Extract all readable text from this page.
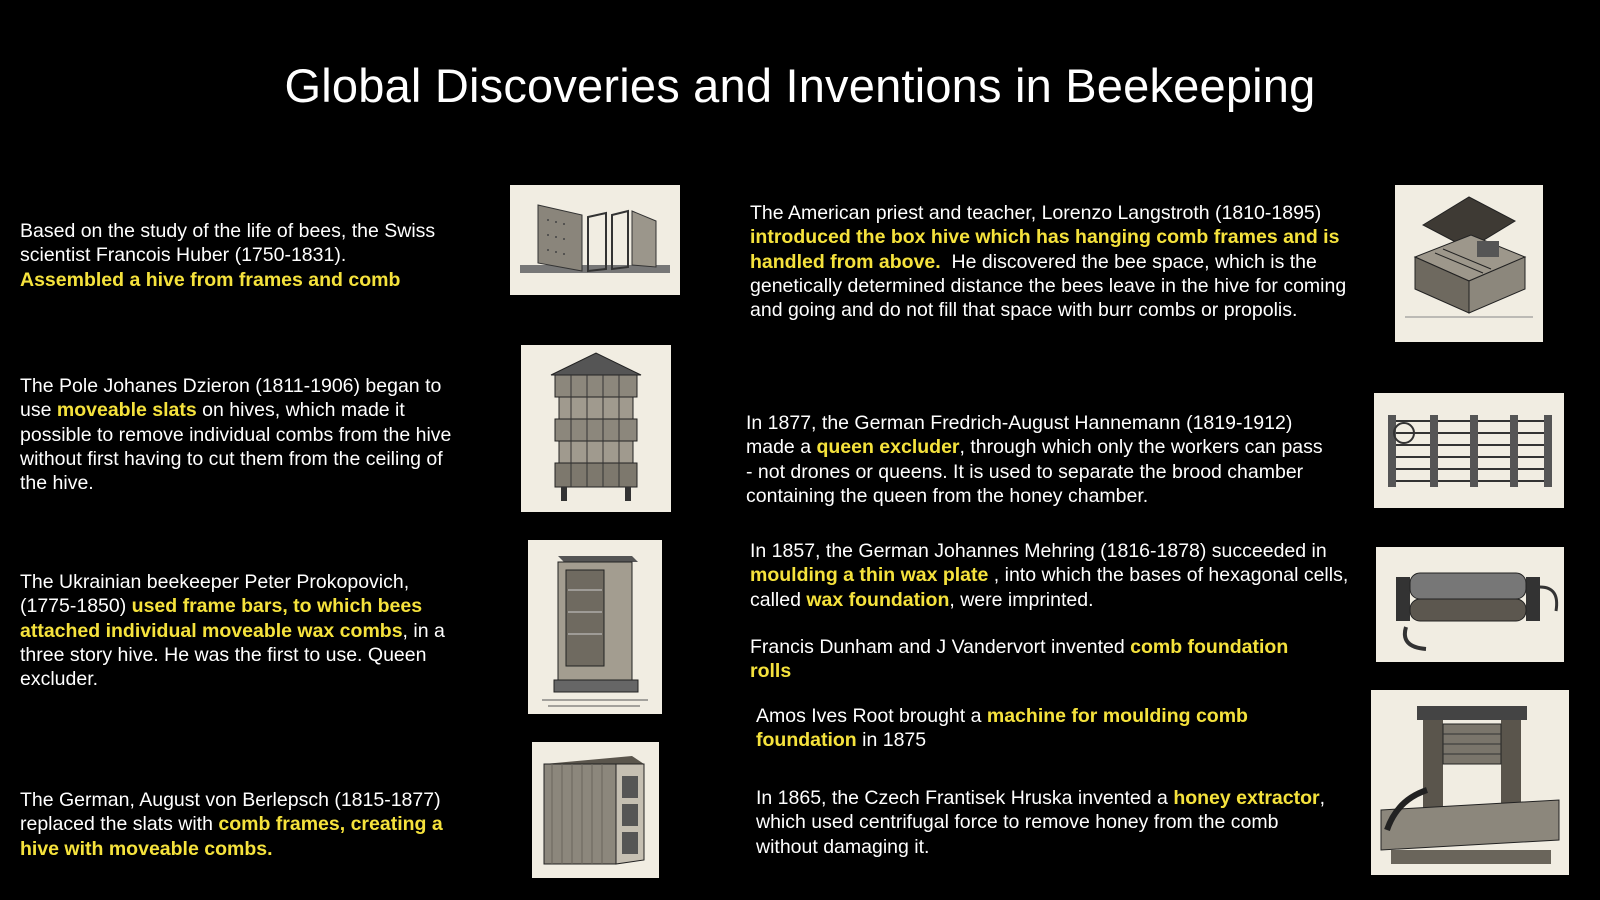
Global Discoveries and Inventions in Beekeeping
Based on the study of the life of bees, the Swiss scientist Francois Huber (1750-1831).
Assembled a hive from frames and comb
The Pole Johanes Dzieron (1811-1906) began to use moveable slats on hives, which made it possible to remove individual combs from the hive without first having to cut them from the ceiling of the hive.
The Ukrainian beekeeper Peter Prokopovich, (1775-1850) used frame bars, to which bees attached individual moveable wax combs, in a three story hive. He was the first to use. Queen excluder.
The German, August von Berlepsch (1815-1877) replaced the slats with comb frames, creating a hive with moveable combs.
The American priest and teacher, Lorenzo Langstroth (1810-1895) introduced the box hive which has hanging comb frames and is handled from above. He discovered the bee space, which is the genetically determined distance the bees leave in the hive for coming and going and do not fill that space with burr combs or propolis.
In 1877, the German Fredrich-August Hannemann (1819-1912) made a queen excluder, through which only the workers can pass - not drones or queens. It is used to separate the brood chamber containing the queen from the honey chamber.
In 1857, the German Johannes Mehring (1816-1878) succeeded in moulding a thin wax plate , into which the bases of hexagonal cells, called wax foundation, were imprinted.
Francis Dunham and J Vandervort invented comb foundation rolls
Amos Ives Root brought a machine for moulding comb foundation in 1875
In 1865, the Czech Frantisek Hruska invented a honey extractor, which used centrifugal force to remove honey from the comb without damaging it.
